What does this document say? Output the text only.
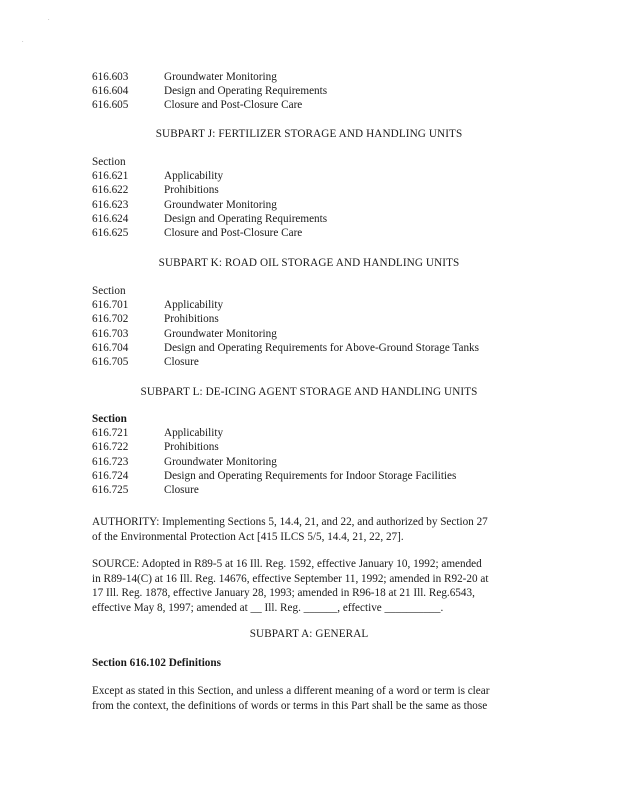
.
.
616.603	Groundwater Monitoring
616.604	Design and Operating Requirements
616.605	Closure and Post-Closure Care
SUBPART J: FERTILIZER STORAGE AND HANDLING UNITS
Section
616.621	Applicability
616.622	Prohibitions
616.623	Groundwater Monitoring
616.624	Design and Operating Requirements
616.625	Closure and Post-Closure Care
SUBPART K: ROAD OIL STORAGE AND HANDLING UNITS
Section
616.701	Applicability
616.702	Prohibitions
616.703	Groundwater Monitoring
616.704	Design and Operating Requirements for Above-Ground Storage Tanks
616.705	Closure
SUBPART L: DE-ICING AGENT STORAGE AND HANDLING UNITS
Section
616.721	Applicability
616.722	Prohibitions
616.723	Groundwater Monitoring
616.724	Design and Operating Requirements for Indoor Storage Facilities
616.725	Closure
AUTHORITY: Implementing Sections 5, 14.4, 21, and 22, and authorized by Section 27
of the Environmental Protection Act [415 ILCS 5/5, 14.4, 21, 22, 27].
SOURCE: Adopted in R89-5 at 16 Ill. Reg. 1592, effective January 10, 1992; amended
in R89-14(C) at 16 Ill. Reg. 14676, effective September 11, 1992; amended in R92-20 at
17 Ill. Reg. 1878, effective January 28, 1993; amended in R96-18 at 21 Ill. Reg.6543,
effective May 8, 1997; amended at __ Ill. Reg. ______, effective __________.
SUBPART A: GENERAL
Section 616.102 Definitions
Except as stated in this Section, and unless a different meaning of a word or term is clear
from the context, the definitions of words or terms in this Part shall be the same as those
